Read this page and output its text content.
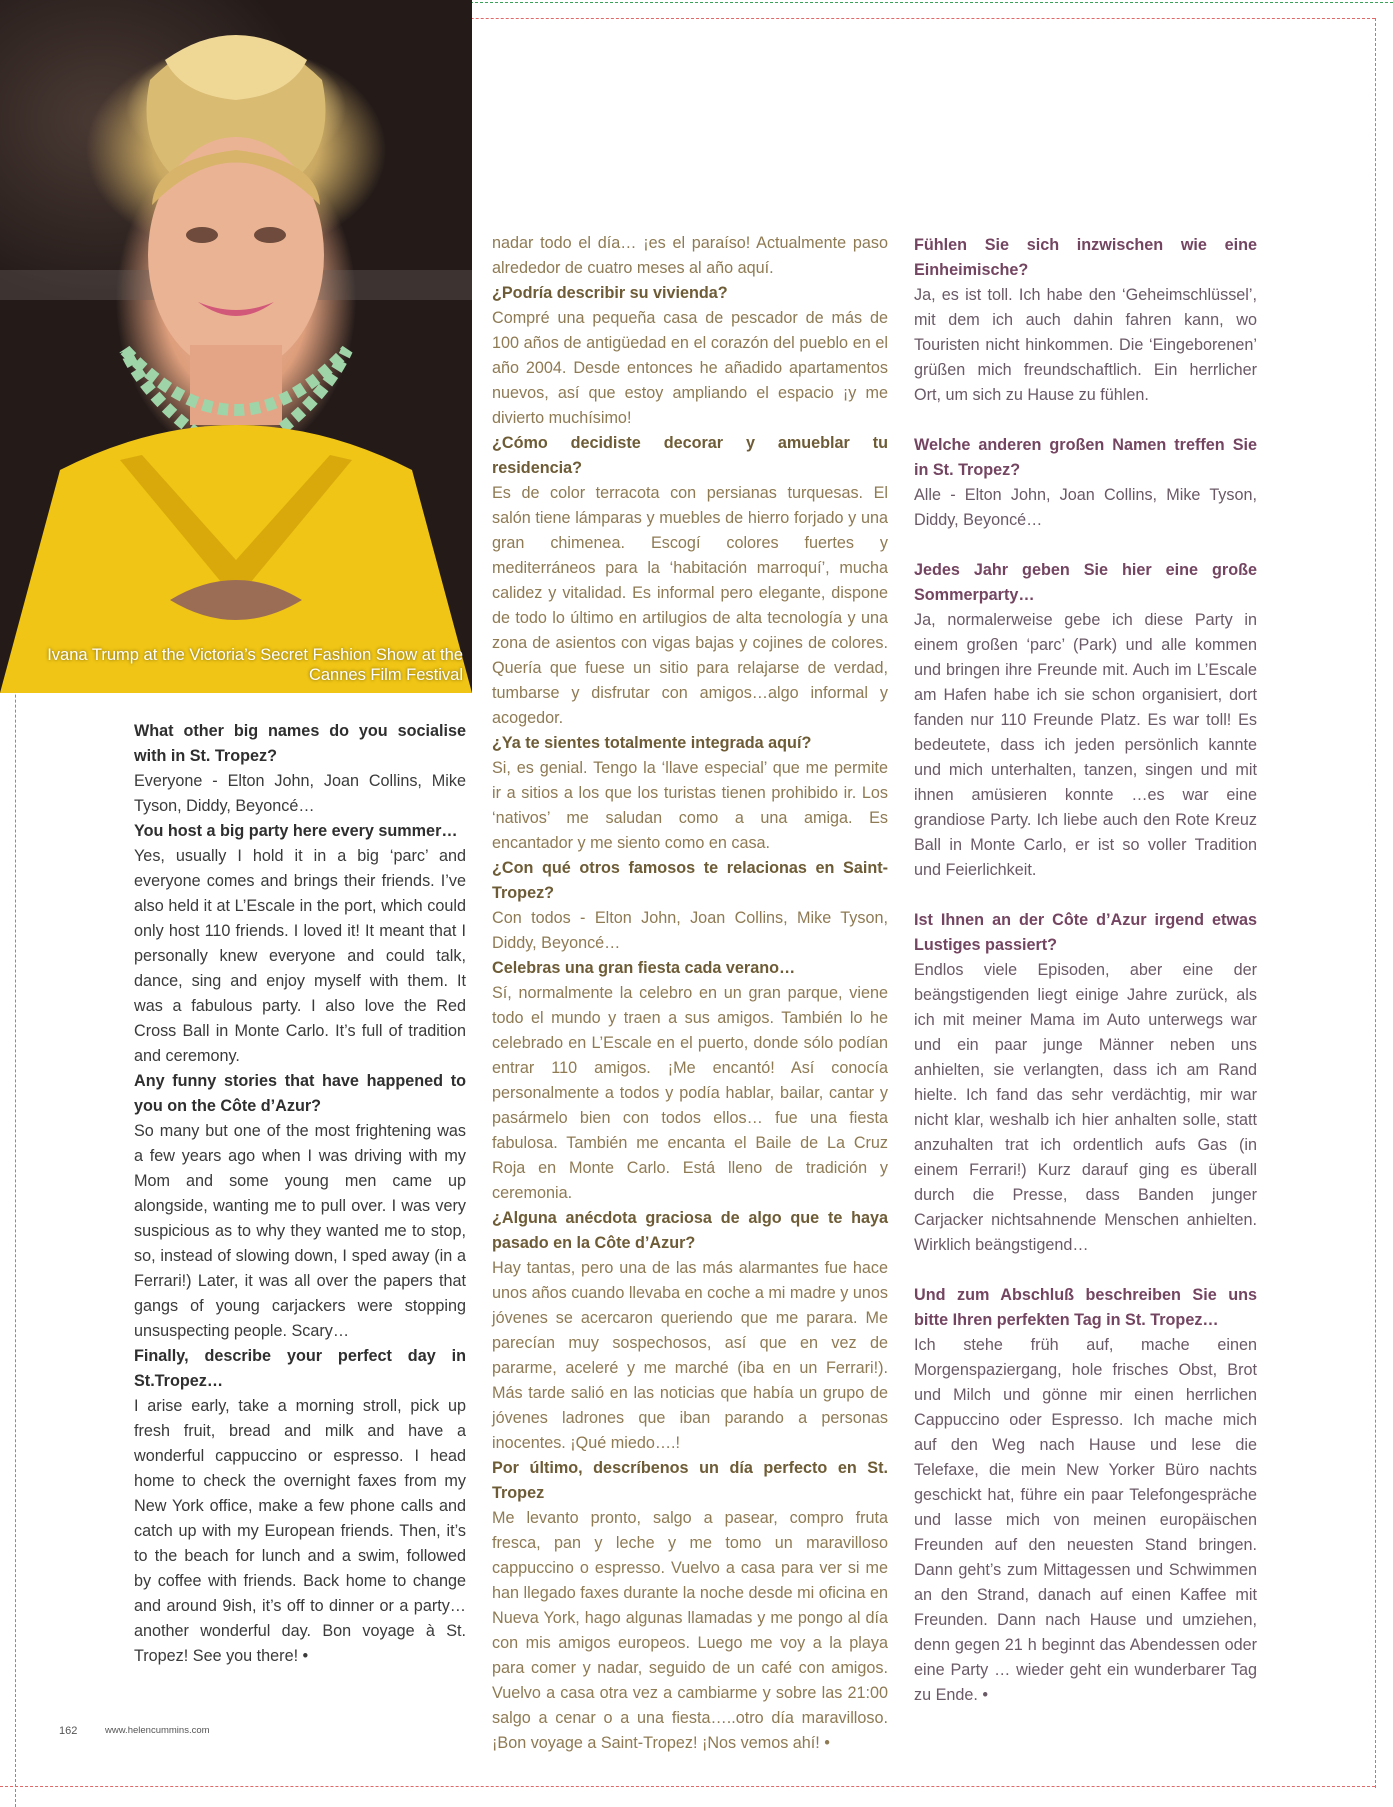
Ivana Trump at the Victoria’s Secret Fashion Show at the Cannes Film Festival

What other big names do you socialise with in St. Tropez?

Everyone - Elton John, Joan Collins, Mike Tyson, Diddy, Beyoncé…

You host a big party here every summer…

Yes, usually I hold it in a big ‘parc’ and everyone comes and brings their friends. I’ve also held it at L’Escale in the port, which could only host 110 friends. I loved it! It meant that I personally knew everyone and could talk, dance, sing and enjoy myself with them. It was a fabulous party. I also love the Red Cross Ball in Monte Carlo. It’s full of tradition and ceremony.

Any funny stories that have happened to you on the Côte d’Azur?

So many but one of the most frightening was a few years ago when I was driving with my Mom and some young men came up alongside, wanting me to pull over. I was very suspicious as to why they wanted me to stop, so, instead of slowing down, I sped away (in a Ferrari!) Later, it was all over the papers that gangs of young carjackers were stopping unsuspecting people. Scary…

Finally, describe your perfect day in St.Tropez…

I arise early, take a morning stroll, pick up fresh fruit, bread and milk and have a wonderful cappuccino or espresso. I head home to check the overnight faxes from my New York office, make a few phone calls and catch up with my European friends. Then, it’s to the beach for lunch and a swim, followed by coffee with friends. Back home to change and around 9ish, it’s off to dinner or a party… another wonderful day. Bon voyage à St. Tropez! See you there! •

nadar todo el día… ¡es el paraíso! Actualmente paso alrededor de cuatro meses al año aquí.

¿Podría describir su vivienda?

Compré una pequeña casa de pescador de más de 100 años de antigüedad en el corazón del pueblo en el año 2004. Desde entonces he añadido apartamentos nuevos, así que estoy ampliando el espacio ¡y me divierto muchísimo!

¿Cómo decidiste decorar y amueblar tu residencia?

Es de color terracota con persianas turquesas. El salón tiene lámparas y muebles de hierro forjado y una gran chimenea. Escogí colores fuertes y mediterráneos para la ‘habitación marroquí’, mucha calidez y vitalidad. Es informal pero elegante, dispone de todo lo último en artilugios de alta tecnología y una zona de asientos con vigas bajas y cojines de colores. Quería que fuese un sitio para relajarse de verdad, tumbarse y disfrutar con amigos…algo informal y acogedor.

¿Ya te sientes totalmente integrada aquí?

Si, es genial. Tengo la ‘llave especial’ que me permite ir a sitios a los que los turistas tienen prohibido ir. Los ‘nativos’ me saludan como a una amiga. Es encantador y me siento como en casa.

¿Con qué otros famosos te relacionas en Saint-Tropez?

Con todos - Elton John, Joan Collins, Mike Tyson, Diddy, Beyoncé…

Celebras una gran fiesta cada verano…

Sí, normalmente la celebro en un gran parque, viene todo el mundo y traen a sus amigos. También lo he celebrado en L’Escale en el puerto, donde sólo podían entrar 110 amigos. ¡Me encantó! Así conocía personalmente a todos y podía hablar, bailar, cantar y pasármelo bien con todos ellos… fue una fiesta fabulosa. También me encanta el Baile de La Cruz Roja en Monte Carlo. Está lleno de tradición y ceremonia.

¿Alguna anécdota graciosa de algo que te haya pasado en la Côte d’Azur?

Hay tantas, pero una de las más alarmantes fue hace unos años cuando llevaba en coche a mi madre y unos jóvenes se acercaron queriendo que me parara. Me parecían muy sospechosos, así que en vez de pararme, aceleré y me marché (iba en un Ferrari!). Más tarde salió en las noticias que había un grupo de jóvenes ladrones que iban parando a personas inocentes. ¡Qué miedo….!

Por último, descríbenos un día perfecto en St. Tropez

Me levanto pronto, salgo a pasear, compro fruta fresca, pan y leche y me tomo un maravilloso cappuccino o espresso. Vuelvo a casa para ver si me han llegado faxes durante la noche desde mi oficina en Nueva York, hago algunas llamadas y me pongo al día con mis amigos europeos. Luego me voy a la playa para comer y nadar, seguido de un café con amigos. Vuelvo a casa otra vez a cambiarme y sobre las 21:00 salgo a cenar o a una fiesta…..otro día maravilloso. ¡Bon voyage a Saint-Tropez! ¡Nos vemos ahí! •

Fühlen Sie sich inzwischen wie eine Einheimische?

Ja, es ist toll. Ich habe den ‘Geheimschlüssel’, mit dem ich auch dahin fahren kann, wo Touristen nicht hinkommen. Die ‘Eingeborenen’ grüßen mich freundschaftlich. Ein herrlicher Ort, um sich zu Hause zu fühlen.

Welche anderen großen Namen treffen Sie in St. Tropez?

Alle - Elton John, Joan Collins, Mike Tyson, Diddy, Beyoncé…

Jedes Jahr geben Sie hier eine große Sommerparty…

Ja, normalerweise gebe ich diese Party in einem großen ‘parc’ (Park) und alle kommen und bringen ihre Freunde mit. Auch im L’Escale am Hafen habe ich sie schon organisiert, dort fanden nur 110 Freunde Platz. Es war toll! Es bedeutete, dass ich jeden persönlich kannte und mich unterhalten, tanzen, singen und mit ihnen amüsieren konnte …es war eine grandiose Party. Ich liebe auch den Rote Kreuz Ball in Monte Carlo, er ist so voller Tradition und Feierlichkeit.

Ist Ihnen an der Côte d’Azur irgend etwas Lustiges passiert?

Endlos viele Episoden, aber eine der beängstigenden liegt einige Jahre zurück, als ich mit meiner Mama im Auto unterwegs war und ein paar junge Männer neben uns anhielten, sie verlangten, dass ich am Rand hielte. Ich fand das sehr verdächtig, mir war nicht klar, weshalb ich hier anhalten solle, statt anzuhalten trat ich ordentlich aufs Gas (in einem Ferrari!) Kurz darauf ging es überall durch die Presse, dass Banden junger Carjacker nichtsahnende Menschen anhielten. Wirklich beängstigend…

Und zum Abschluß beschreiben Sie uns bitte Ihren perfekten Tag in St. Tropez…

Ich stehe früh auf, mache einen Morgenspaziergang, hole frisches Obst, Brot und Milch und gönne mir einen herrlichen Cappuccino oder Espresso. Ich mache mich auf den Weg nach Hause und lese die Telefaxe, die mein New Yorker Büro nachts geschickt hat, führe ein paar Telefongespräche und lasse mich von meinen europäischen Freunden auf den neuesten Stand bringen. Dann geht’s zum Mittagessen und Schwimmen an den Strand, danach auf einen Kaffee mit Freunden. Dann nach Hause und umziehen, denn gegen 21 h beginnt das Abendessen oder eine Party … wieder geht ein wunderbarer Tag zu Ende. •

162	www.helencummins.com
